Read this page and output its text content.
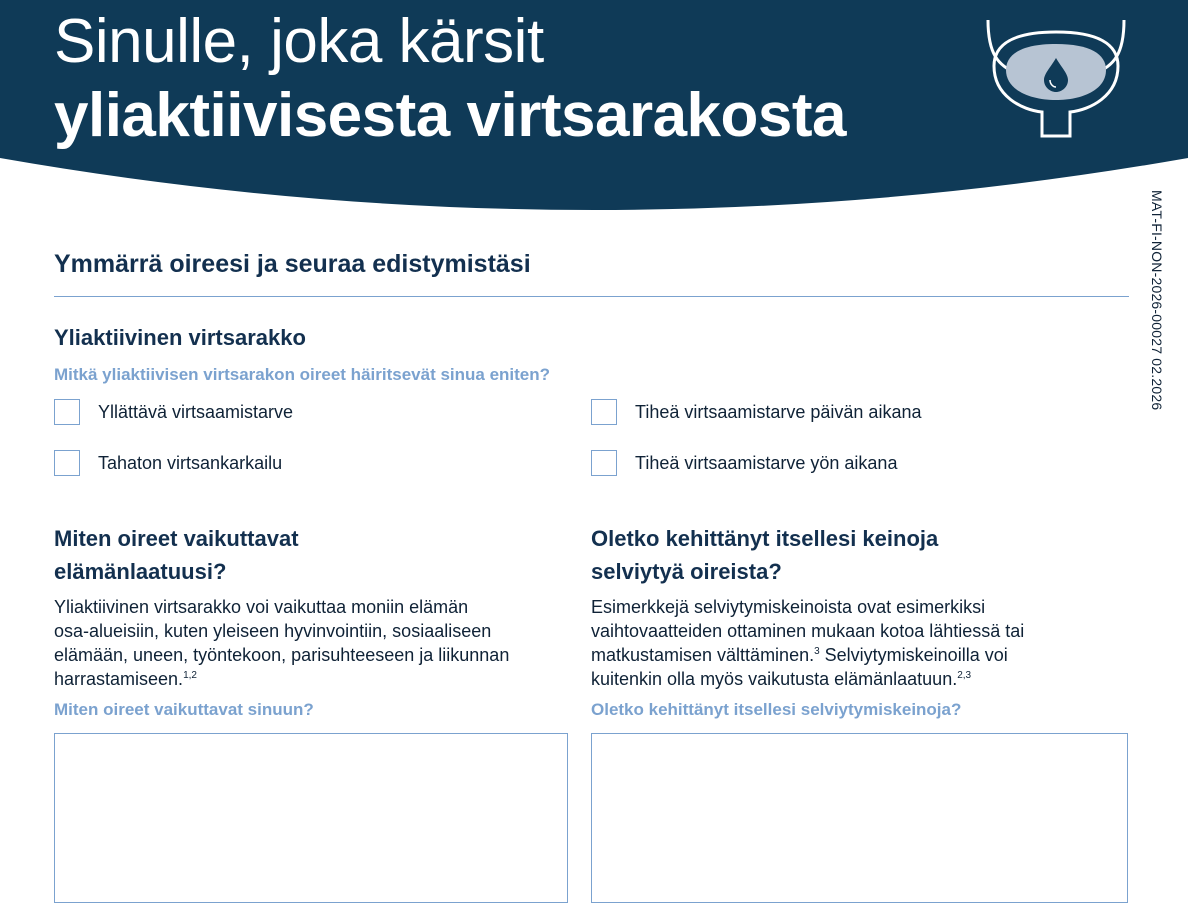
Sinulle, joka kärsit
yliaktiivisesta virtsarakosta
MAT-FI-NON-2026-00027 02.2026
Ymmärrä oireesi ja seuraa edistymistäsi
Yliaktiivinen virtsarakko
Mitkä yliaktiivisen virtsarakon oireet häiritsevät sinua eniten?
Yllättävä virtsaamistarve	Tiheä virtsaamistarve päivän aikana
Tahaton virtsankarkailu	Tiheä virtsaamistarve yön aikana
Miten oireet vaikuttavat
elämänlaatuusi?
Yliaktiivinen virtsarakko voi vaikuttaa moniin elämän
osa-alueisiin, kuten yleiseen hyvinvointiin, sosiaaliseen
elämään, uneen, työntekoon, parisuhteeseen ja liikunnan
harrastamiseen.$^{1,2}$
Miten oireet vaikuttavat sinuun?
Oletko kehittänyt itsellesi keinoja
selviytyä oireista?
Esimerkkejä selviytymiskeinoista ovat esimerkiksi
vaihtovaatteiden ottaminen mukaan kotoa lähtiessä tai
matkustamisen välttäminen.$^3$ Selviytymiskeinoilla voi
kuitenkin olla myös vaikutusta elämänlaatuun.$^{2,3}$
Oletko kehittänyt itsellesi selviytymiskeinoja?
